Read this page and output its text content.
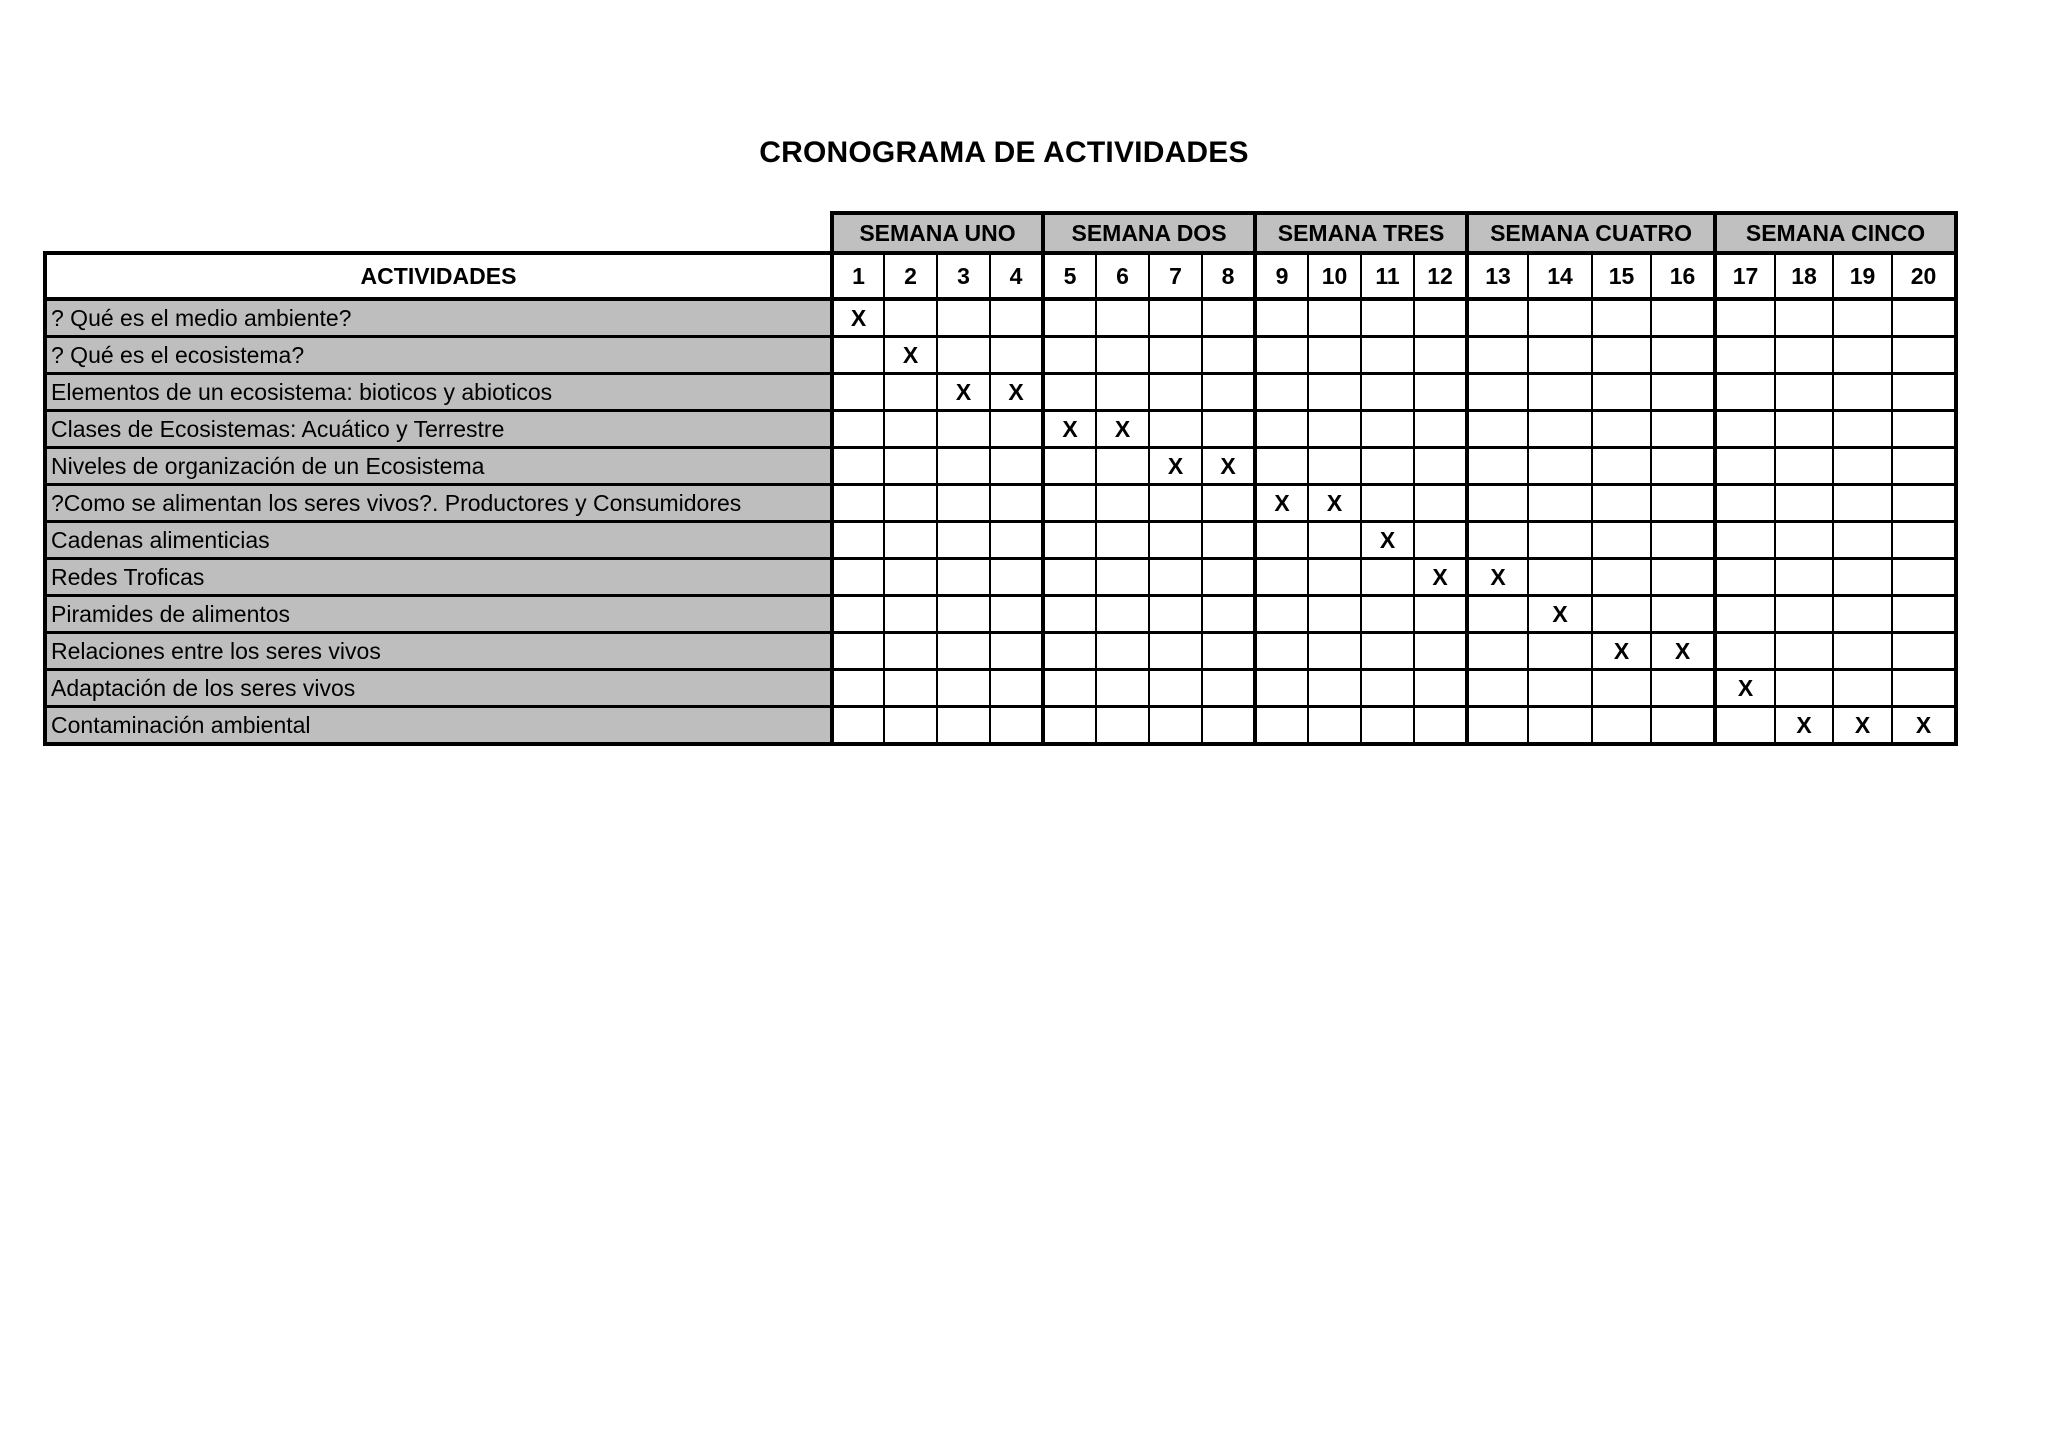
CRONOGRAMA DE ACTIVIDADES
	SEMANA UNO				SEMANA DOS				SEMANA TRES				SEMANA CUATRO				SEMANA CINCO			
ACTIVIDADES	1	2	3	4	5	6	7	8	9	10	11	12	13	14	15	16	17	18	19	20
? Qué es el medio ambiente?	X																			
? Qué es el ecosistema?		X																		
Elementos de un ecosistema: bioticos y abioticos			X	X																
Clases de Ecosistemas: Acuático y Terrestre					X	X														
Niveles de organización de un Ecosistema							X	X												
?Como se alimentan los seres vivos?. Productores y Consumidores									X	X										
Cadenas alimenticias											X									
Redes Troficas												X	X							
Piramides de alimentos														X						
Relaciones entre los seres vivos															X	X				
Adaptación de los seres vivos																	X			
Contaminación ambiental																		X	X	X
